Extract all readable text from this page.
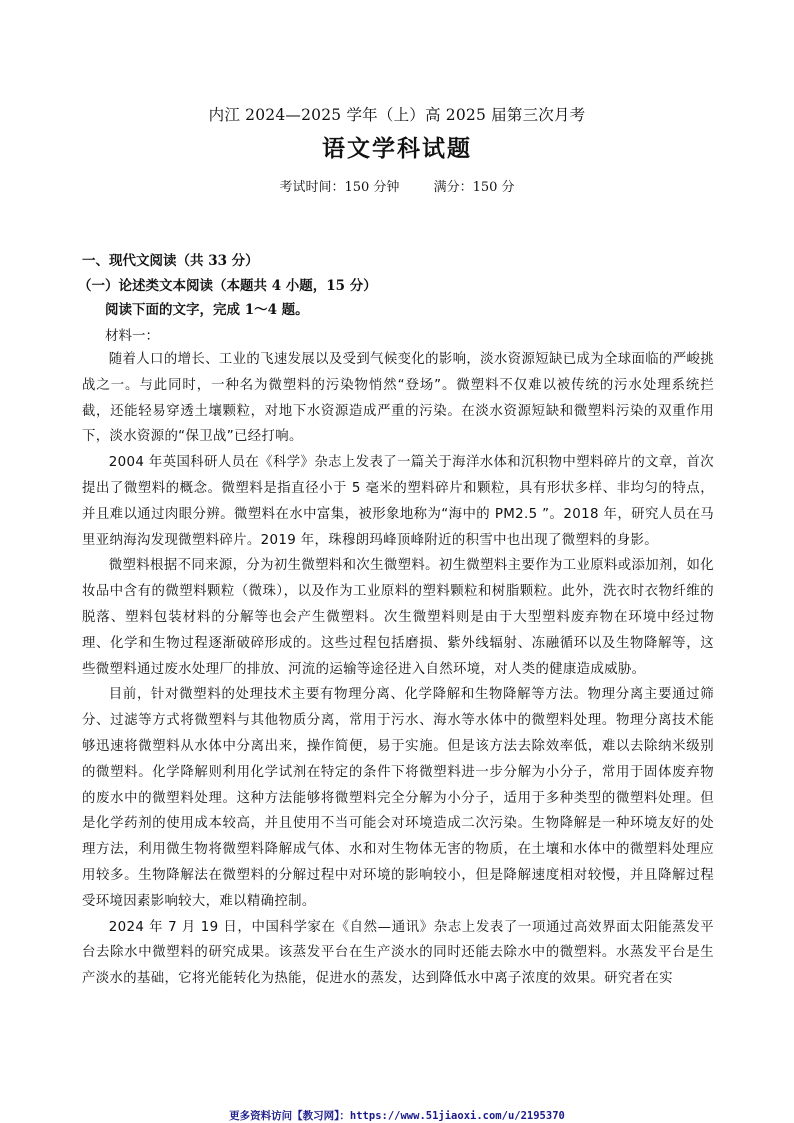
内江 2024—2025 学年（上）高 2025 届第三次月考
语文学科试题
考试时间：150 分钟	满分：150 分

一、现代文阅读（共 33 分）

（一）论述类文本阅读（本题共 4 小题，15 分）

阅读下面的文字，完成 1～4 题。

材料一：

随着人口的增长、工业的飞速发展以及受到气候变化的影响，淡水资源短缺已成为全球面临的严峻挑战之一。与此同时，一种名为微塑料的污染物悄然“登场”。微塑料不仅难以被传统的污水处理系统拦截，还能轻易穿透土壤颗粒，对地下水资源造成严重的污染。在淡水资源短缺和微塑料污染的双重作用下，淡水资源的“保卫战”已经打响。

2004 年英国科研人员在《科学》杂志上发表了一篇关于海洋水体和沉积物中塑料碎片的文章，首次提出了微塑料的概念。微塑料是指直径小于 5 毫米的塑料碎片和颗粒，具有形状多样、非均匀的特点，并且难以通过肉眼分辨。微塑料在水中富集，被形象地称为“海中的 PM2.5 ”。2018 年，研究人员在马里亚纳海沟发现微塑料碎片。2019 年，珠穆朗玛峰顶峰附近的积雪中也出现了微塑料的身影。

微塑料根据不同来源，分为初生微塑料和次生微塑料。初生微塑料主要作为工业原料或添加剂，如化妆品中含有的微塑料颗粒（微珠），以及作为工业原料的塑料颗粒和树脂颗粒。此外，洗衣时衣物纤维的脱落、塑料包装材料的分解等也会产生微塑料。次生微塑料则是由于大型塑料废弃物在环境中经过物理、化学和生物过程逐渐破碎形成的。这些过程包括磨损、紫外线辐射、冻融循环以及生物降解等，这些微塑料通过废水处理厂的排放、河流的运输等途径进入自然环境，对人类的健康造成威胁。

目前，针对微塑料的处理技术主要有物理分离、化学降解和生物降解等方法。物理分离主要通过筛分、过滤等方式将微塑料与其他物质分离，常用于污水、海水等水体中的微塑料处理。物理分离技术能够迅速将微塑料从水体中分离出来，操作简便，易于实施。但是该方法去除效率低，难以去除纳米级别的微塑料。化学降解则利用化学试剂在特定的条件下将微塑料进一步分解为小分子，常用于固体废弃物的废水中的微塑料处理。这种方法能够将微塑料完全分解为小分子，适用于多种类型的微塑料处理。但是化学药剂的使用成本较高，并且使用不当可能会对环境造成二次污染。生物降解是一种环境友好的处理方法，利用微生物将微塑料降解成气体、水和对生物体无害的物质，在土壤和水体中的微塑料处理应用较多。生物降解法在微塑料的分解过程中对环境的影响较小，但是降解速度相对较慢，并且降解过程受环境因素影响较大，难以精确控制。

2024 年 7 月 19 日，中国科学家在《自然—通讯》杂志上发表了一项通过高效界面太阳能蒸发平台去除水中微塑料的研究成果。该蒸发平台在生产淡水的同时还能去除水中的微塑料。水蒸发平台是生产淡水的基础，它将光能转化为热能，促进水的蒸发，达到降低水中离子浓度的效果。研究者在实

更多资料访问【教习网】：https://www.51jiaoxi.com/u/2195370
